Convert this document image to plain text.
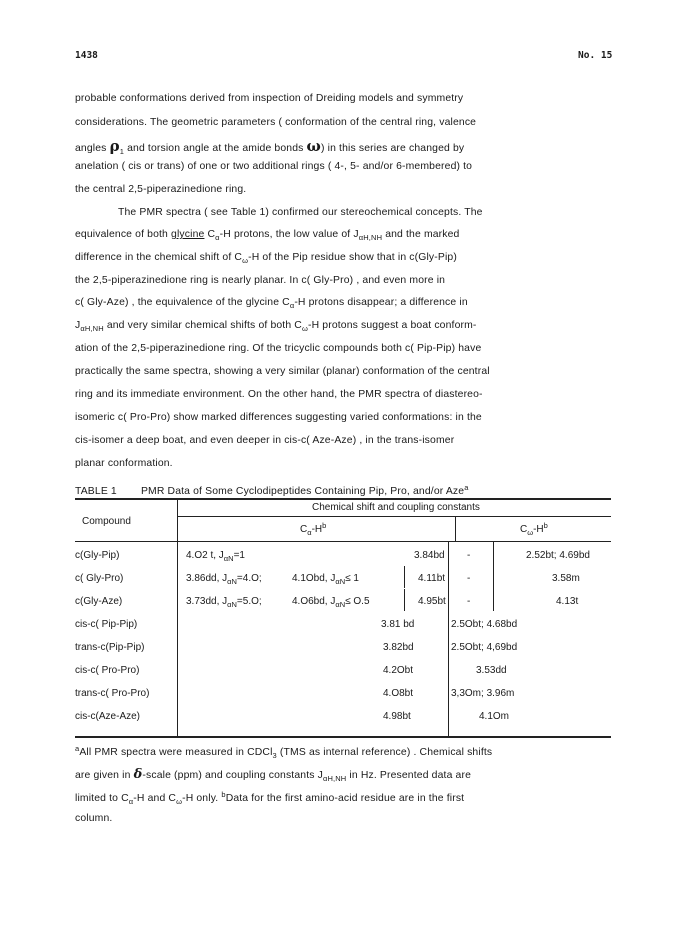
1438	No. 15
probable conformations derived from inspection of Dreiding models and symmetry
considerations. The geometric parameters ( conformation of the central ring, valence
angles $\rho_1$ and torsion angle at the amide bonds ω) in this series are changed by
anelation ( cis or trans) of one or two additional rings ( 4-, 5- and/or 6-membered) to
the central 2,5-piperazinedione ring.
The PMR spectra ( see Table 1) confirmed our stereochemical concepts. The
equivalence of both glycine $C_\alpha-H$ protons, the low value of $J_{\alpha H,NH}$ and the marked
difference in the chemical shift of $C_\omega-H$ of the Pip residue show that in c(Gly-Pip)
the 2,5-piperazinedione ring is nearly planar. In c( Gly-Pro) , and even more in
c( Gly-Aze) , the equivalence of the glycine $C_\alpha-H$ protons disappear; a difference in
$J_{\alpha H,NH}$ and very similar chemical shifts of both $C_\omega-H$ protons suggest a boat conform-
ation of the 2,5-piperazinedione ring. Of the tricyclic compounds both c( Pip-Pip) have
practically the same spectra, showing a very similar (planar) conformation of the central
ring and its immediate environment. On the other hand, the PMR spectra of diastereo-
isomeric c( Pro-Pro) show marked differences suggesting varied conformations: in the
cis-isomer a deep boat, and even deeper in cis-c( Aze-Aze) , in the trans-isomer
planar conformation.
TABLE 1 PMR Data of Some Cyclodipeptides Containing Pip, Pro, and/or Aze$^a$
Compound
Chemical shift and coupling constants
$C_\alpha-H^b$	$C_\omega-H^b$
c(Gly-Pip)	4.O2 t, $J_{\alpha N}=1$	3.84bd -	2.52bt; 4.69bd
c( Gly-Pro)	3.86dd, $J_{\alpha N}=4.O$;	4.1Obd, $J_{\alpha N}\le 1$	4.11bt -	3.58m
c(Gly-Aze)	3.73dd, $J_{\alpha N}=5.O$;	4.O6bd, $J_{\alpha N}\le O.5$	4.95bt -	4.13t
cis-c( Pip-Pip)	3.81 bd	2.5Obt; 4.68bd
trans-c(Pip-Pip)	3.82bd	2.5Obt; 4,69bd
cis-c( Pro-Pro)	4.2Obt	3.53dd
trans-c( Pro-Pro)	4.O8bt	3,3Om; 3.96m
cis-c(Aze-Aze)	4.98bt	4.1Om
$^a$All PMR spectra were measured in CDCl$_3$ (TMS as internal reference) . Chemical shifts
are given in δ-scale (ppm) and coupling constants $J_{\alpha H,NH}$ in Hz. Presented data are
limited to $C_\alpha-H$ and $C_\omega-H$ only. $^b$Data for the first amino-acid residue are in the first
column.
